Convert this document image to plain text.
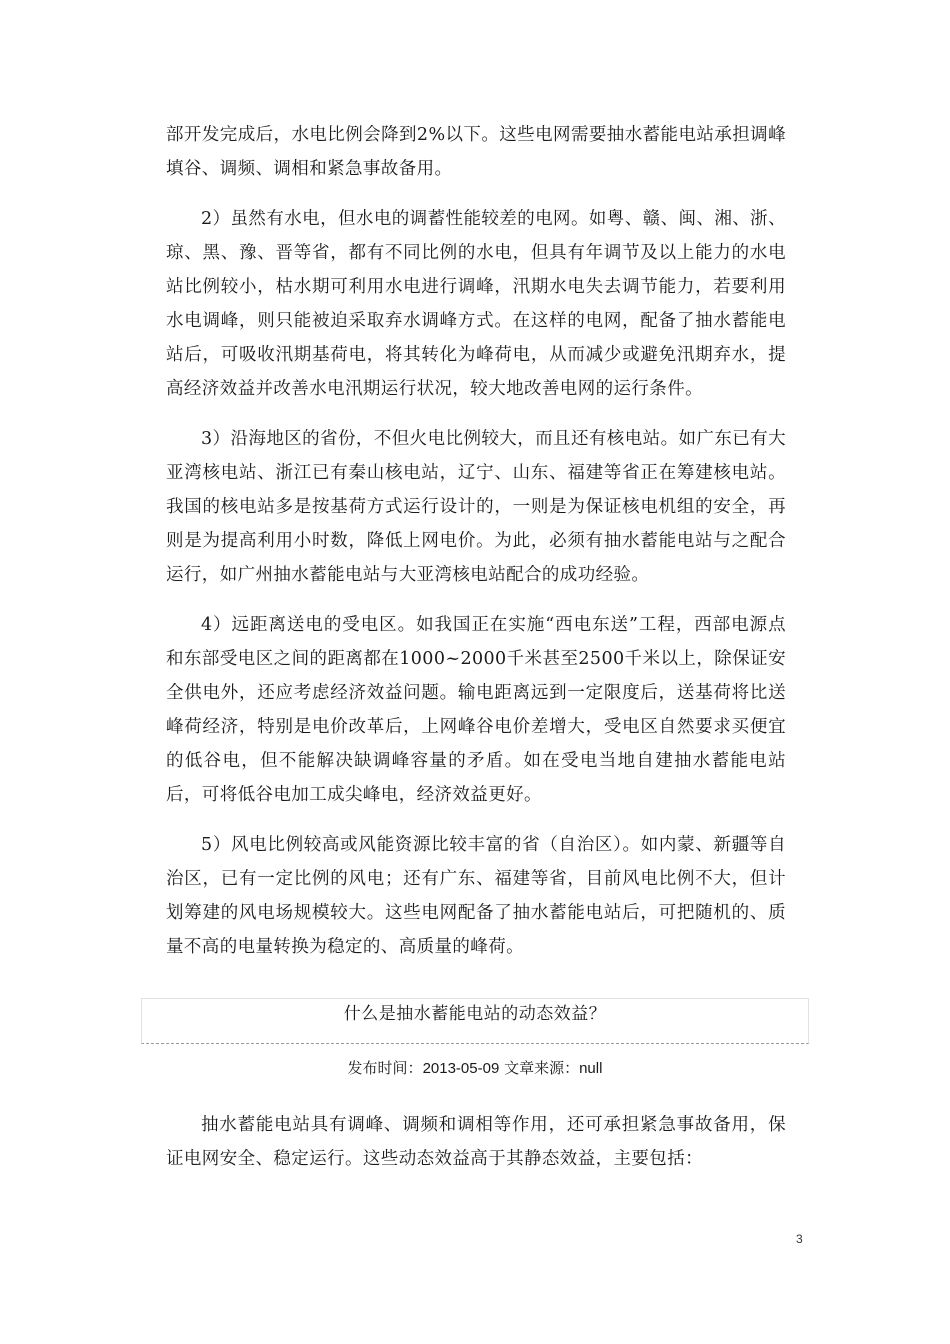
部开发完成后，水电比例会降到2%以下。这些电网需要抽水蓄能电站承担调峰填谷、调频、调相和紧急事故备用。

2）虽然有水电，但水电的调蓄性能较差的电网。如粤、赣、闽、湘、浙、琼、黑、豫、晋等省，都有不同比例的水电，但具有年调节及以上能力的水电站比例较小，枯水期可利用水电进行调峰，汛期水电失去调节能力，若要利用水电调峰，则只能被迫采取弃水调峰方式。在这样的电网，配备了抽水蓄能电站后，可吸收汛期基荷电，将其转化为峰荷电，从而减少或避免汛期弃水，提高经济效益并改善水电汛期运行状况，较大地改善电网的运行条件。

3）沿海地区的省份，不但火电比例较大，而且还有核电站。如广东已有大亚湾核电站、浙江已有秦山核电站，辽宁、山东、福建等省正在筹建核电站。我国的核电站多是按基荷方式运行设计的，一则是为保证核电机组的安全，再则是为提高利用小时数，降低上网电价。为此，必须有抽水蓄能电站与之配合运行，如广州抽水蓄能电站与大亚湾核电站配合的成功经验。

4）远距离送电的受电区。如我国正在实施“西电东送”工程，西部电源点和东部受电区之间的距离都在1000~2000千米甚至2500千米以上，除保证安全供电外，还应考虑经济效益问题。输电距离远到一定限度后，送基荷将比送峰荷经济，特别是电价改革后，上网峰谷电价差增大，受电区自然要求买便宜的低谷电，但不能解决缺调峰容量的矛盾。如在受电当地自建抽水蓄能电站后，可将低谷电加工成尖峰电，经济效益更好。

5）风电比例较高或风能资源比较丰富的省（自治区）。如内蒙、新疆等自治区，已有一定比例的风电；还有广东、福建等省，目前风电比例不大，但计划筹建的风电场规模较大。这些电网配备了抽水蓄能电站后，可把随机的、质量不高的电量转换为稳定的、高质量的峰荷。

什么是抽水蓄能电站的动态效益？
发布时间：2013-05-09 文章来源：null

抽水蓄能电站具有调峰、调频和调相等作用，还可承担紧急事故备用，保证电网安全、稳定运行。这些动态效益高于其静态效益，主要包括：

3
